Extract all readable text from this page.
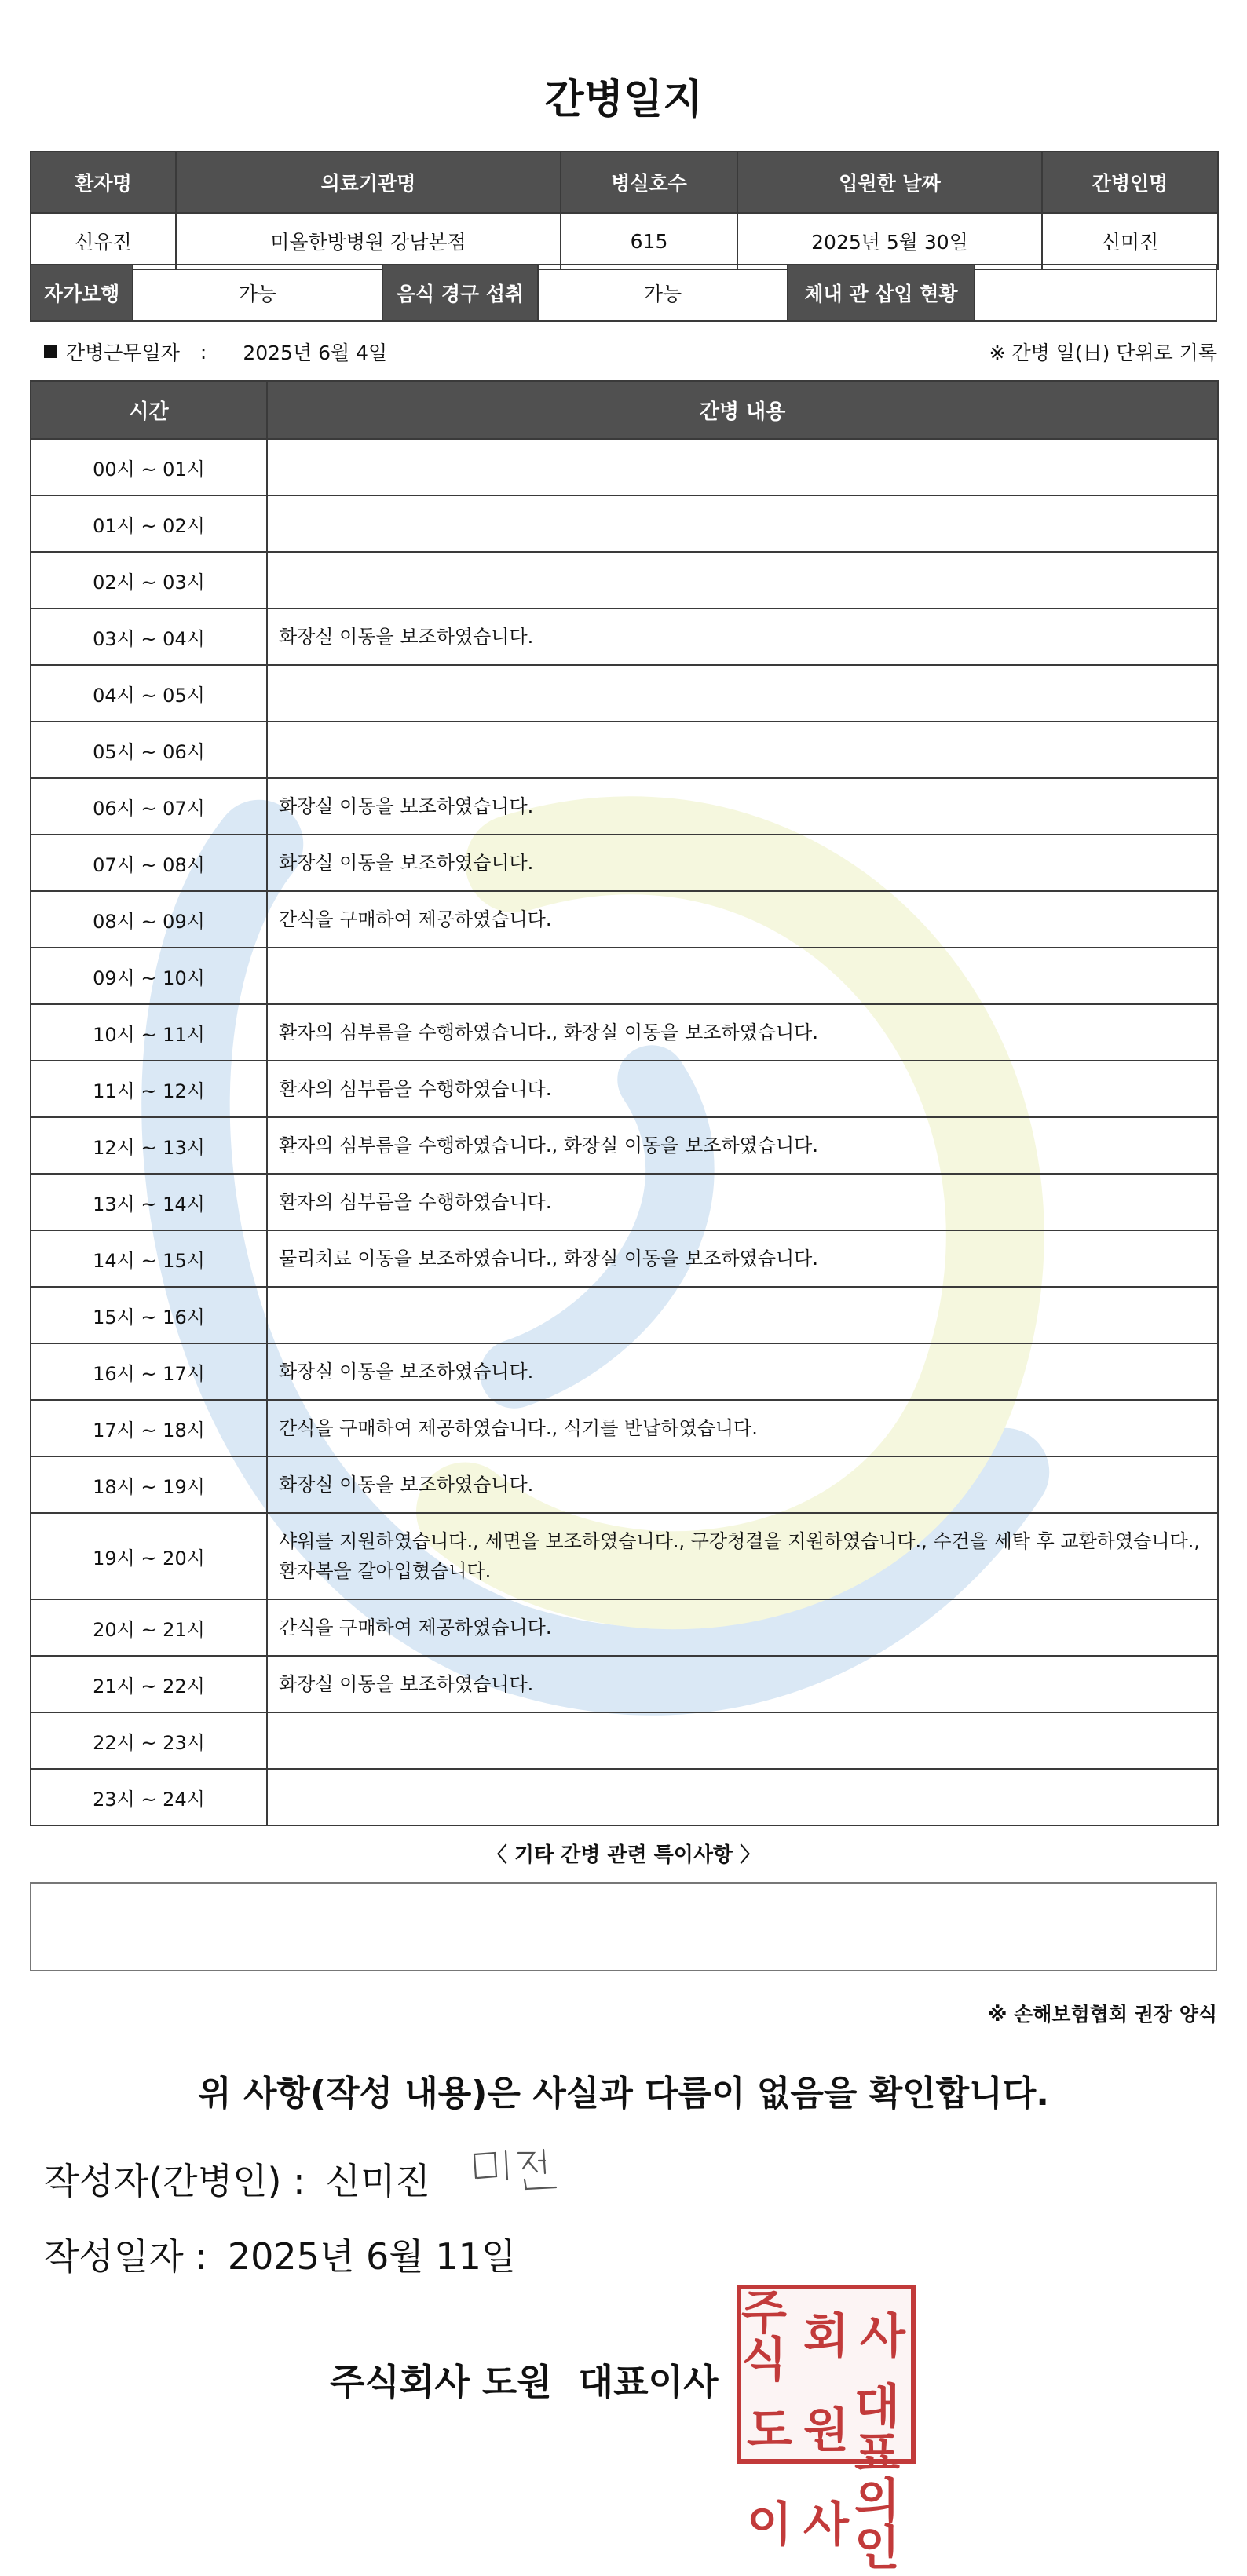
간병일지
환자명	의료기관명	병실호수	입원한 날짜	간병인명
신유진	미올한방병원 강남본점	615	2025년 5월 30일	신미진
자가보행	가능	음식 경구 섭취	가능	체내 관 삽입 현황
간병근무일자 : 2025년 6월 4일	※ 간병 일(日) 단위로 기록
시간	간병 내용
00시 ~ 01시	
01시 ~ 02시	
02시 ~ 03시	
03시 ~ 04시	화장실 이동을 보조하였습니다.
04시 ~ 05시	
05시 ~ 06시	
06시 ~ 07시	화장실 이동을 보조하였습니다.
07시 ~ 08시	화장실 이동을 보조하였습니다.
08시 ~ 09시	간식을 구매하여 제공하였습니다.
09시 ~ 10시	
10시 ~ 11시	환자의 심부름을 수행하였습니다., 화장실 이동을 보조하였습니다.
11시 ~ 12시	환자의 심부름을 수행하였습니다.
12시 ~ 13시	환자의 심부름을 수행하였습니다., 화장실 이동을 보조하였습니다.
13시 ~ 14시	환자의 심부름을 수행하였습니다.
14시 ~ 15시	물리치료 이동을 보조하였습니다., 화장실 이동을 보조하였습니다.
15시 ~ 16시	
16시 ~ 17시	화장실 이동을 보조하였습니다.
17시 ~ 18시	간식을 구매하여 제공하였습니다., 식기를 반납하였습니다.
18시 ~ 19시	화장실 이동을 보조하였습니다.
19시 ~ 20시	샤워를 지원하였습니다., 세면을 보조하였습니다., 구강청결을 지원하였습니다., 수건을 세탁 후 교환하였습니다., 환자복을 갈아입혔습니다.
20시 ~ 21시	간식을 구매하여 제공하였습니다.
21시 ~ 22시	화장실 이동을 보조하였습니다.
22시 ~ 23시	
23시 ~ 24시	
〈 기타 간병 관련 특이사항 〉
※ 손해보험협회 권장 양식
위 사항(작성 내용)은 사실과 다름이 없음을 확인합니다.
작성자(간병인) : 신미진
작성일자 : 2025년 6월 11일
주식회사 도원 대표이사
주식 회 사
도 원 대표
이 사 의인
